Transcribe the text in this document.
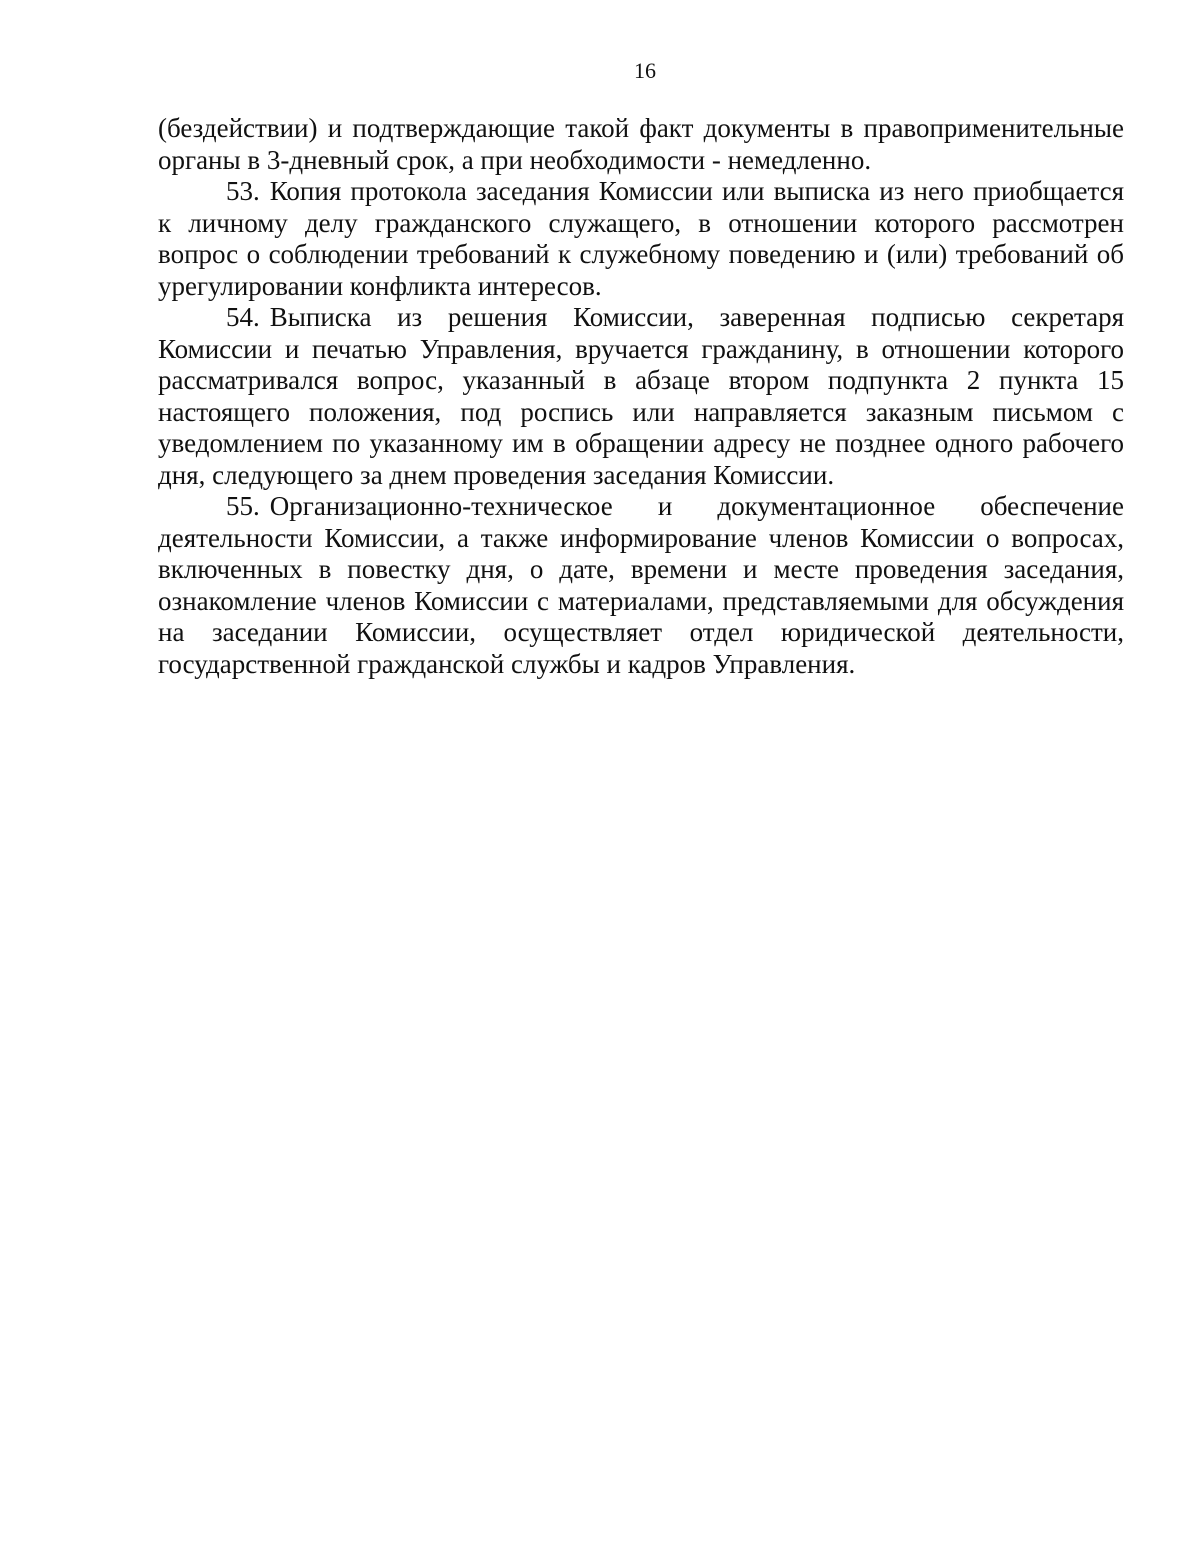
16

(бездействии) и подтверждающие такой факт документы в правоприменительные органы в 3-дневный срок, а при необходимости - немедленно.

53. Копия протокола заседания Комиссии или выписка из него приобщается к личному делу гражданского служащего, в отношении которого рассмотрен вопрос о соблюдении требований к служебному поведению и (или) требований об урегулировании конфликта интересов.

54. Выписка из решения Комиссии, заверенная подписью секретаря Комиссии и печатью Управления, вручается гражданину, в отношении которого рассматривался вопрос, указанный в абзаце втором подпункта 2 пункта 15 настоящего положения, под роспись или направляется заказным письмом с уведомлением по указанному им в обращении адресу не позднее одного рабочего дня, следующего за днем проведения заседания Комиссии.

55. Организационно-техническое и документационное обеспечение деятельности Комиссии, а также информирование членов Комиссии о вопросах, включенных в повестку дня, о дате, времени и месте проведения заседания, ознакомление членов Комиссии с материалами, представляемыми для обсуждения на заседании Комиссии, осуществляет отдел юридической деятельности, государственной гражданской службы и кадров Управления.
